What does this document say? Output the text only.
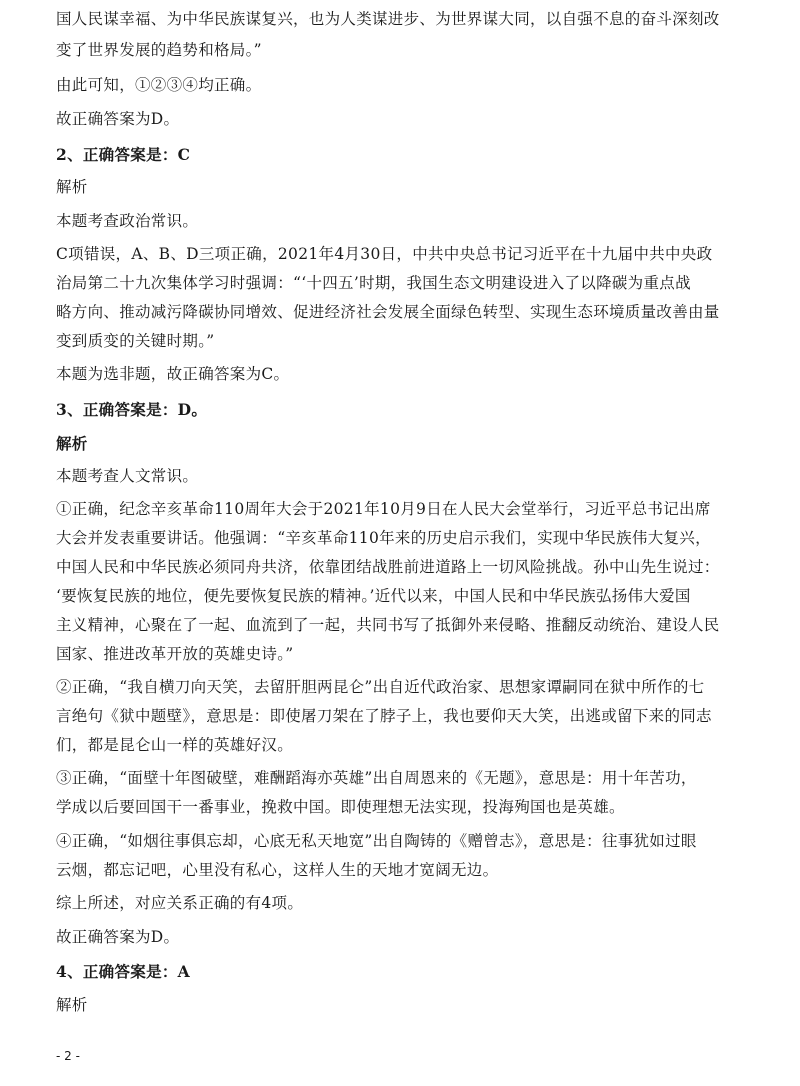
国人民谋幸福、为中华民族谋复兴，也为人类谋进步、为世界谋大同，以自强不息的奋斗深刻改
变了世界发展的趋势和格局。”
由此可知，①②③④均正确。
故正确答案为D。
2、正确答案是：C
解析
本题考查政治常识。
C项错误，A、B、D三项正确，2021年4月30日，中共中央总书记习近平在十九届中共中央政
治局第二十九次集体学习时强调：“‘十四五’时期，我国生态文明建设进入了以降碳为重点战
略方向、推动减污降碳协同增效、促进经济社会发展全面绿色转型、实现生态环境质量改善由量
变到质变的关键时期。”
本题为选非题，故正确答案为C。
3、正确答案是：D。
解析
本题考查人文常识。
①正确，纪念辛亥革命110周年大会于2021年10月9日在人民大会堂举行，习近平总书记出席
大会并发表重要讲话。他强调：“辛亥革命110年来的历史启示我们，实现中华民族伟大复兴，
中国人民和中华民族必须同舟共济，依靠团结战胜前进道路上一切风险挑战。孙中山先生说过：
‘要恢复民族的地位，便先要恢复民族的精神。’近代以来，中国人民和中华民族弘扬伟大爱国
主义精神，心聚在了一起、血流到了一起，共同书写了抵御外来侵略、推翻反动统治、建设人民
国家、推进改革开放的英雄史诗。”
②正确，“我自横刀向天笑，去留肝胆两昆仑”出自近代政治家、思想家谭嗣同在狱中所作的七
言绝句《狱中题壁》，意思是：即使屠刀架在了脖子上，我也要仰天大笑，出逃或留下来的同志
们，都是昆仑山一样的英雄好汉。
③正确，“面壁十年图破壁，难酬蹈海亦英雄”出自周恩来的《无题》，意思是：用十年苦功，
学成以后要回国干一番事业，挽救中国。即使理想无法实现，投海殉国也是英雄。
④正确，“如烟往事俱忘却，心底无私天地宽”出自陶铸的《赠曾志》，意思是：往事犹如过眼
云烟，都忘记吧，心里没有私心，这样人生的天地才宽阔无边。
综上所述，对应关系正确的有4项。
故正确答案为D。
4、正确答案是：A
解析
- 2 -
